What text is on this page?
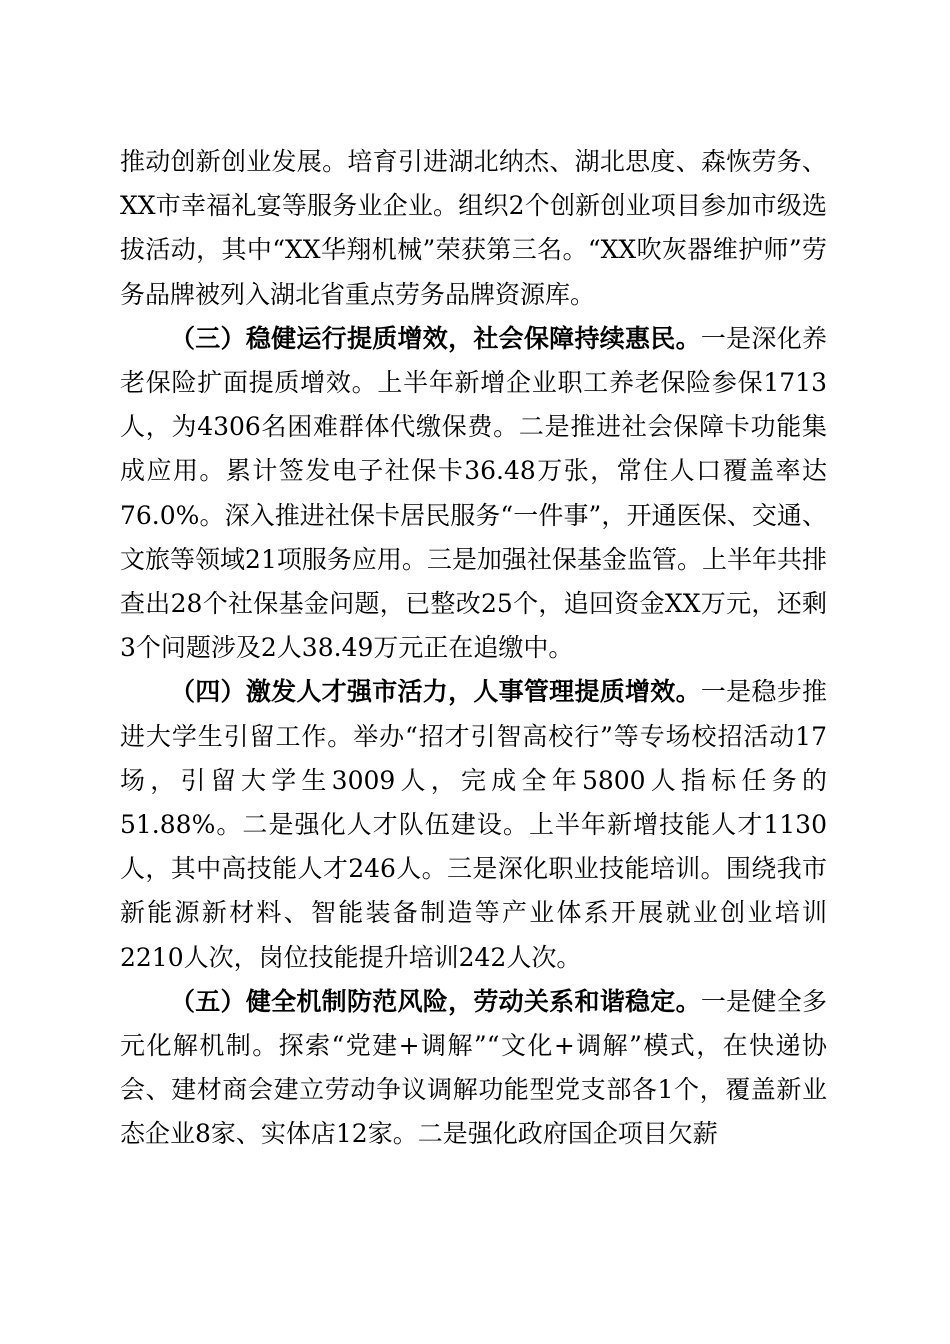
推动创新创业发展。培育引进湖北纳杰、湖北思度、森恢劳务、XX市幸福礼宴等服务业企业。组织2个创新创业项目参加市级选拔活动，其中“XX华翔机械”荣获第三名。“XX吹灰器维护师”劳务品牌被列入湖北省重点劳务品牌资源库。

（三）稳健运行提质增效，社会保障持续惠民。一是深化养老保险扩面提质增效。上半年新增企业职工养老保险参保1713人，为4306名困难群体代缴保费。二是推进社会保障卡功能集成应用。累计签发电子社保卡36.48万张，常住人口覆盖率达76.0%。深入推进社保卡居民服务“一件事”，开通医保、交通、文旅等领域21项服务应用。三是加强社保基金监管。上半年共排查出28个社保基金问题，已整改25个，追回资金XX万元，还剩3个问题涉及2人38.49万元正在追缴中。

（四）激发人才强市活力，人事管理提质增效。一是稳步推进大学生引留工作。举办“招才引智高校行”等专场校招活动17场，引留大学生3009人，完成全年5800人指标任务的51.88%。二是强化人才队伍建设。上半年新增技能人才1130人，其中高技能人才246人。三是深化职业技能培训。围绕我市新能源新材料、智能装备制造等产业体系开展就业创业培训2210人次，岗位技能提升培训242人次。

（五）健全机制防范风险，劳动关系和谐稳定。一是健全多元化解机制。探索“党建+调解”“文化+调解”模式，在快递协会、建材商会建立劳动争议调解功能型党支部各1个，覆盖新业态企业8家、实体店12家。二是强化政府国企项目欠薪
